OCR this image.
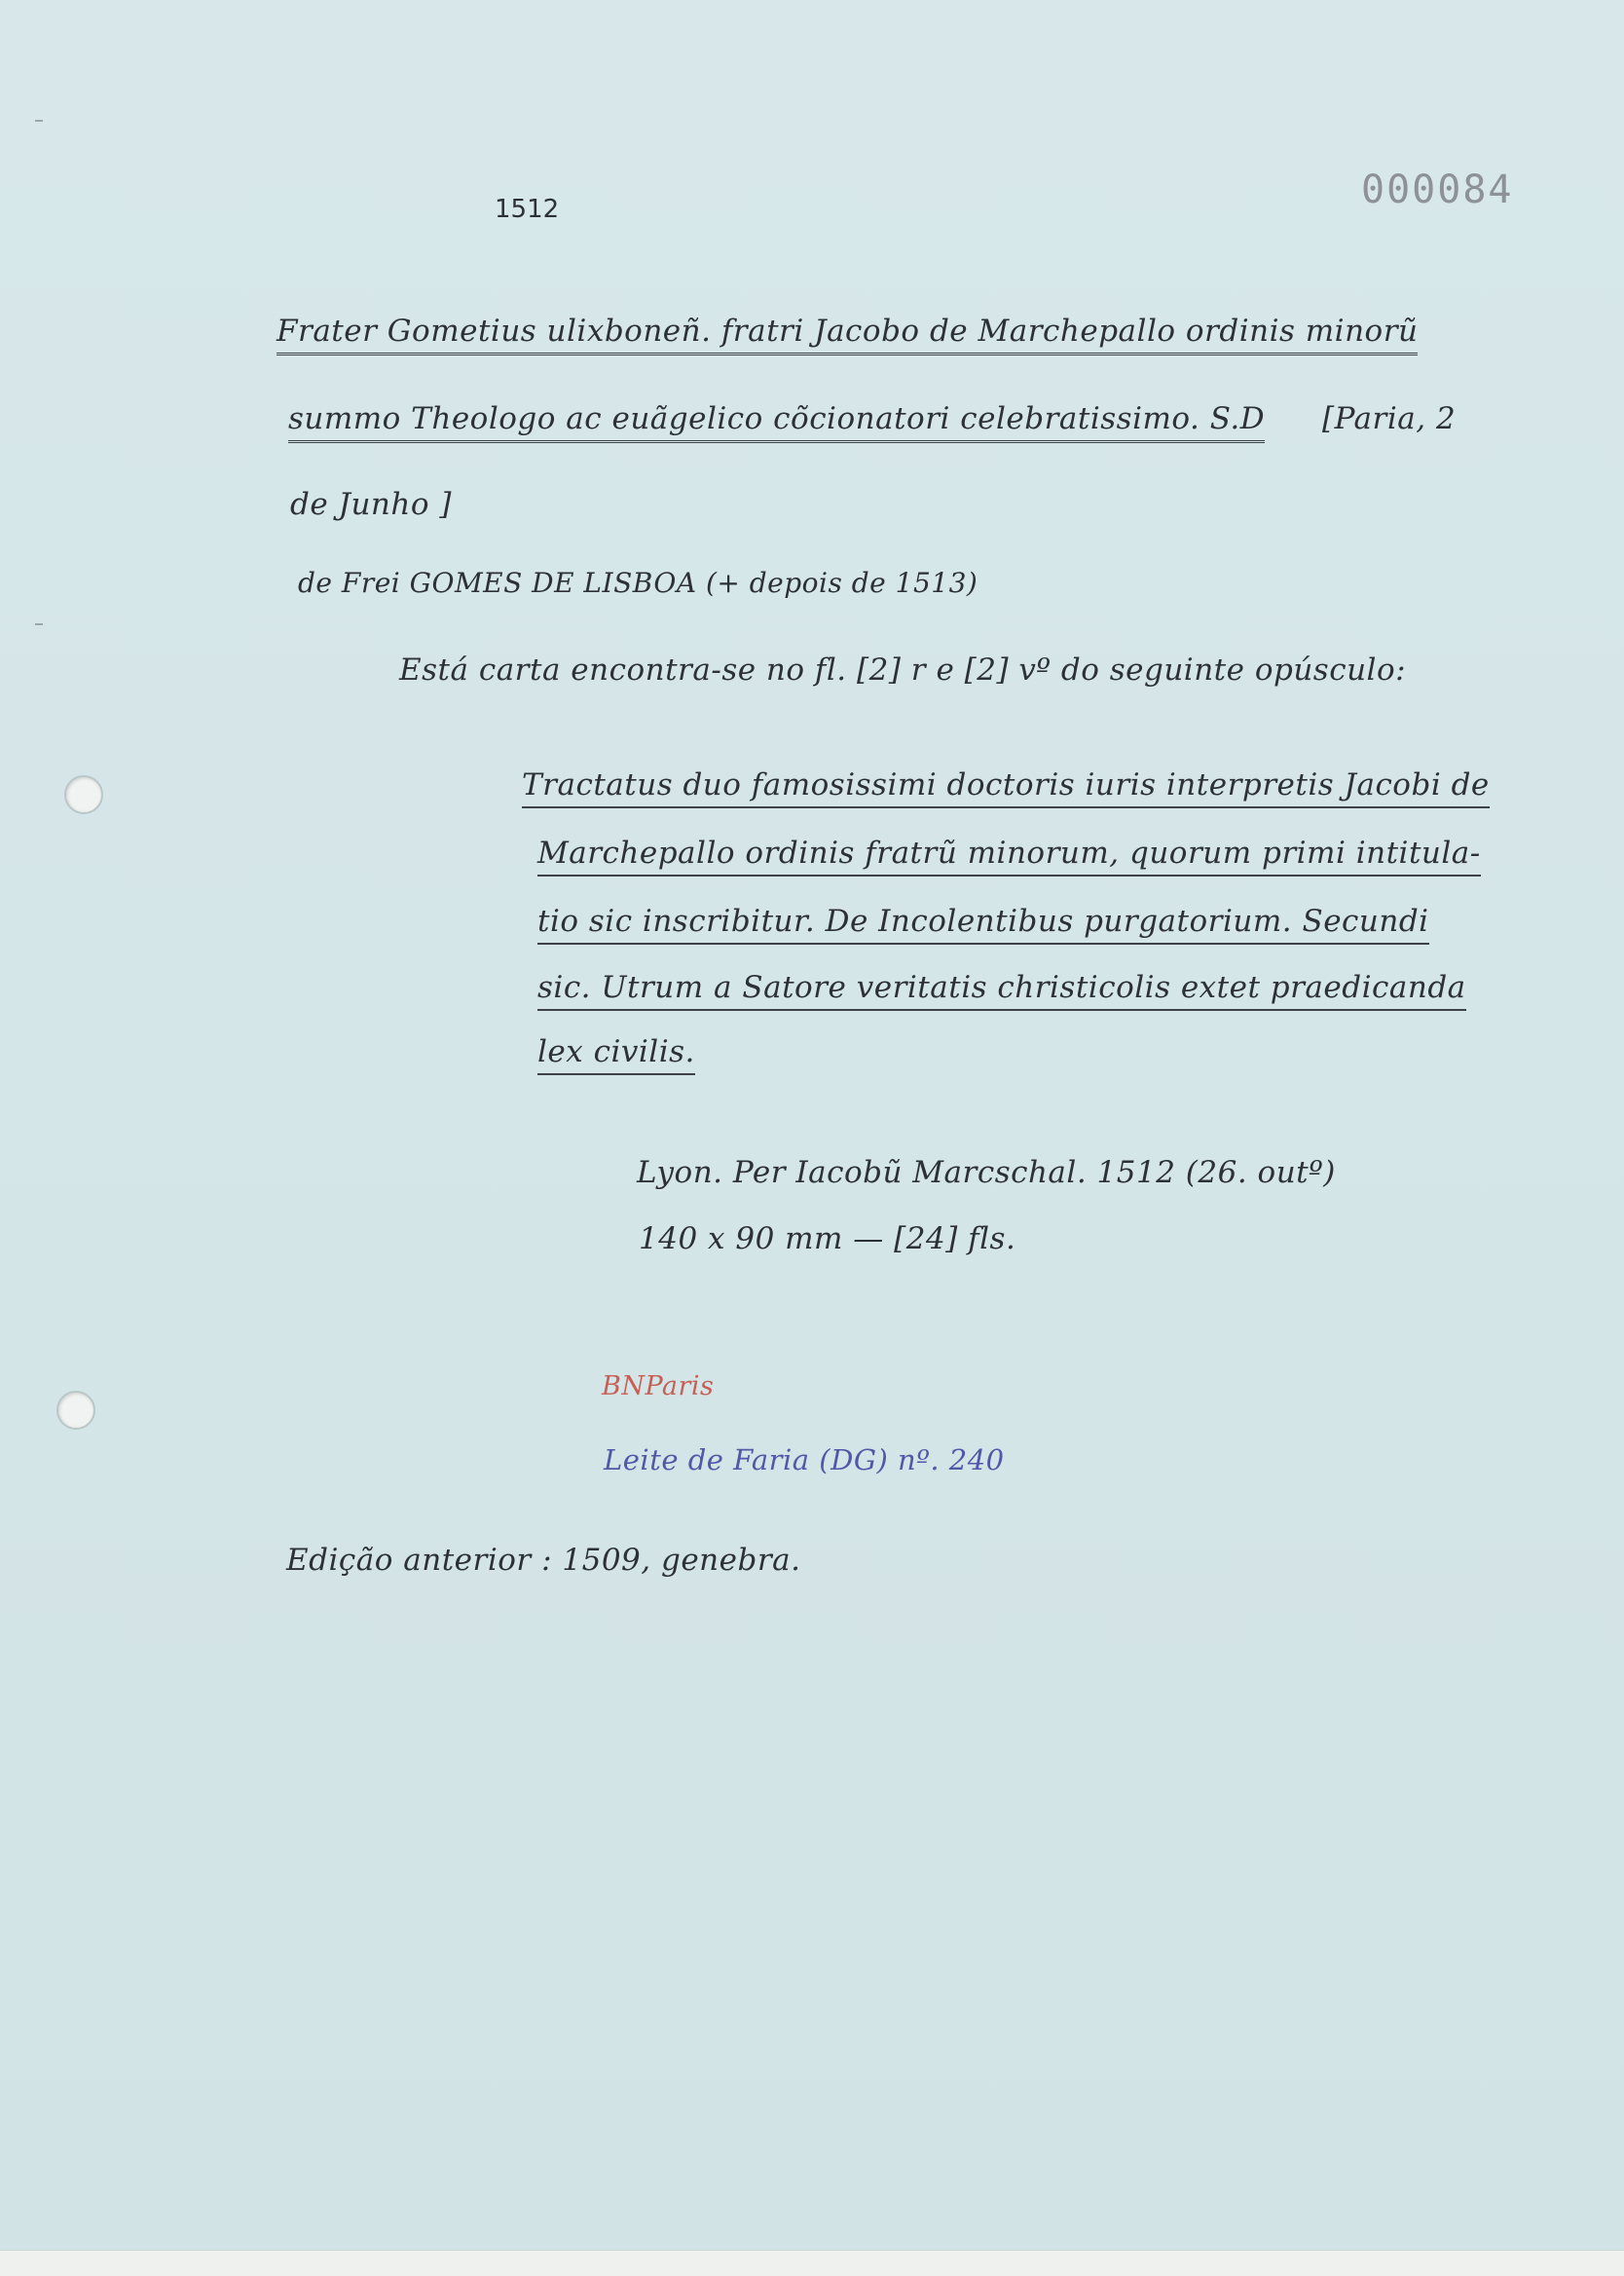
1512	000084
Frater Gometius ulixboneñ. fratri Jacobo de Marchepallo ordinis minorũ
summo Theologo ac euãgelico cõcionatori celebratissimo. S.D [Paria, 2
de Junho ]
de Frei GOMES DE LISBOA (+ depois de 1513)
Está carta encontra-se no fl. [2] r e [2] vº do seguinte opúsculo:
Tractatus duo famosissimi doctoris iuris interpretis Jacobi de
Marchepallo ordinis fratrũ minorum, quorum primi intitula-
tio sic inscribitur. De Incolentibus purgatorium. Secundi
sic. Utrum a Satore veritatis christicolis extet praedicanda
lex civilis.
Lyon. Per Iacobũ Marcschal. 1512 (26. outº)
140 x 90 mm — [24] fls.
BNParis
Leite de Faria (DG) nº. 240
Edição anterior : 1509, genebra.
